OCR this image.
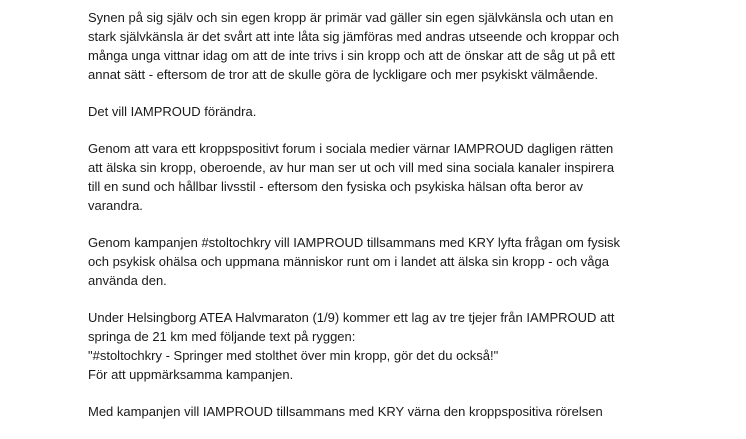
Synen på sig själv och sin egen kropp är primär vad gäller sin egen självkänsla och utan en
stark självkänsla är det svårt att inte låta sig jämföras med andras utseende och kroppar och
många unga vittnar idag om att de inte trivs i sin kropp och att de önskar att de såg ut på ett
annat sätt - eftersom de tror att de skulle göra de lyckligare och mer psykiskt välmående.

Det vill IAMPROUD förändra.

Genom att vara ett kroppspositivt forum i sociala medier värnar IAMPROUD dagligen rätten
att älska sin kropp, oberoende, av hur man ser ut och vill med sina sociala kanaler inspirera
till en sund och hållbar livsstil - eftersom den fysiska och psykiska hälsan ofta beror av
varandra.

Genom kampanjen #stoltochkry vill IAMPROUD tillsammans med KRY lyfta frågan om fysisk
och psykisk ohälsa och uppmana människor runt om i landet att älska sin kropp - och våga
använda den.

Under Helsingborg ATEA Halvmaraton (1/9) kommer ett lag av tre tjejer från IAMPROUD att
springa de 21 km med följande text på ryggen:
"#stoltochkry - Springer med stolthet över min kropp, gör det du också!"
För att uppmärksamma kampanjen.

Med kampanjen vill IAMPROUD tillsammans med KRY värna den kroppspositiva rörelsen
